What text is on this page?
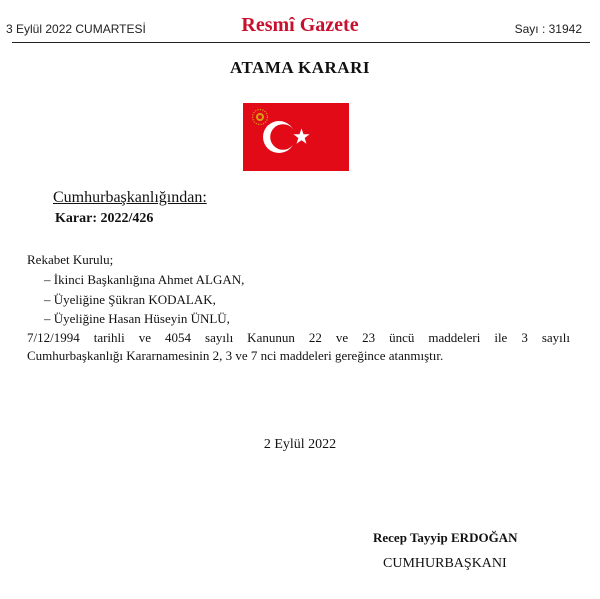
3 Eylül 2022 CUMARTESİ	Resmî Gazete	Sayı : 31942
ATAMA KARARI
Cumhurbaşkanlığından:
Karar: 2022/426
Rekabet Kurulu;
– İkinci Başkanlığına Ahmet ALGAN,
– Üyeliğine Şükran KODALAK,
– Üyeliğine Hasan Hüseyin ÜNLÜ,
7/12/1994 tarihli ve 4054 sayılı Kanunun 22 ve 23 üncü maddeleri ile 3 sayılı
Cumhurbaşkanlığı Kararnamesinin 2, 3 ve 7 nci maddeleri gereğince atanmıştır.
2 Eylül 2022
Recep Tayyip ERDOĞAN
CUMHURBAŞKANI
